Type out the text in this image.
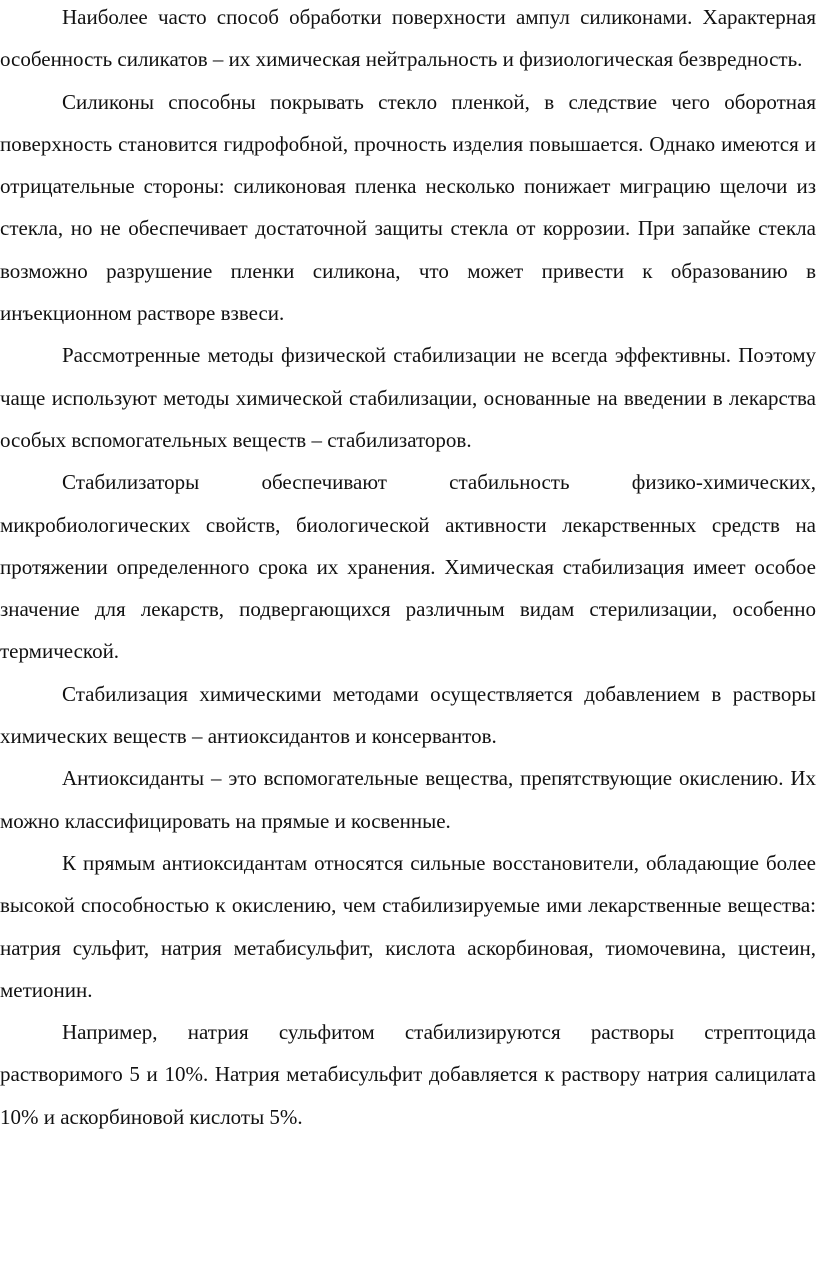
Наиболее часто способ обработки поверхности ампул силиконами. Характерная особенность силикатов – их химическая нейтральность и физиологическая безвредность.

Силиконы способны покрывать стекло пленкой, в следствие чего оборотная поверхность становится гидрофобной, прочность изделия повышается. Однако имеются и отрицательные стороны: силиконовая пленка несколько понижает миграцию щелочи из стекла, но не обеспечивает достаточной защиты стекла от коррозии. При запайке стекла возможно разрушение пленки силикона, что может привести к образованию в инъекционном растворе взвеси.

Рассмотренные методы физической стабилизации не всегда эффективны. Поэтому чаще используют методы химической стабилизации, основанные на введении в лекарства особых вспомогательных веществ – стабилизаторов.

Стабилизаторы обеспечивают стабильность физико-химических, микробиологических свойств, биологической активности лекарственных средств на протяжении определенного срока их хранения. Химическая стабилизация имеет особое значение для лекарств, подвергающихся различным видам стерилизации, особенно термической.

Стабилизация химическими методами осуществляется добавлением в растворы химических веществ – антиоксидантов и консервантов.

Антиоксиданты – это вспомогательные вещества, препятствующие окислению. Их можно классифицировать на прямые и косвенные.

К прямым антиоксидантам относятся сильные восстановители, обладающие более высокой способностью к окислению, чем стабилизируемые ими лекарственные вещества: натрия сульфит, натрия метабисульфит, кислота аскорбиновая, тиомочевина, цистеин, метионин.

Например, натрия сульфитом стабилизируются растворы стрептоцида растворимого 5 и 10%. Натрия метабисульфит добавляется к раствору натрия салицилата 10% и аскорбиновой кислоты 5%.
